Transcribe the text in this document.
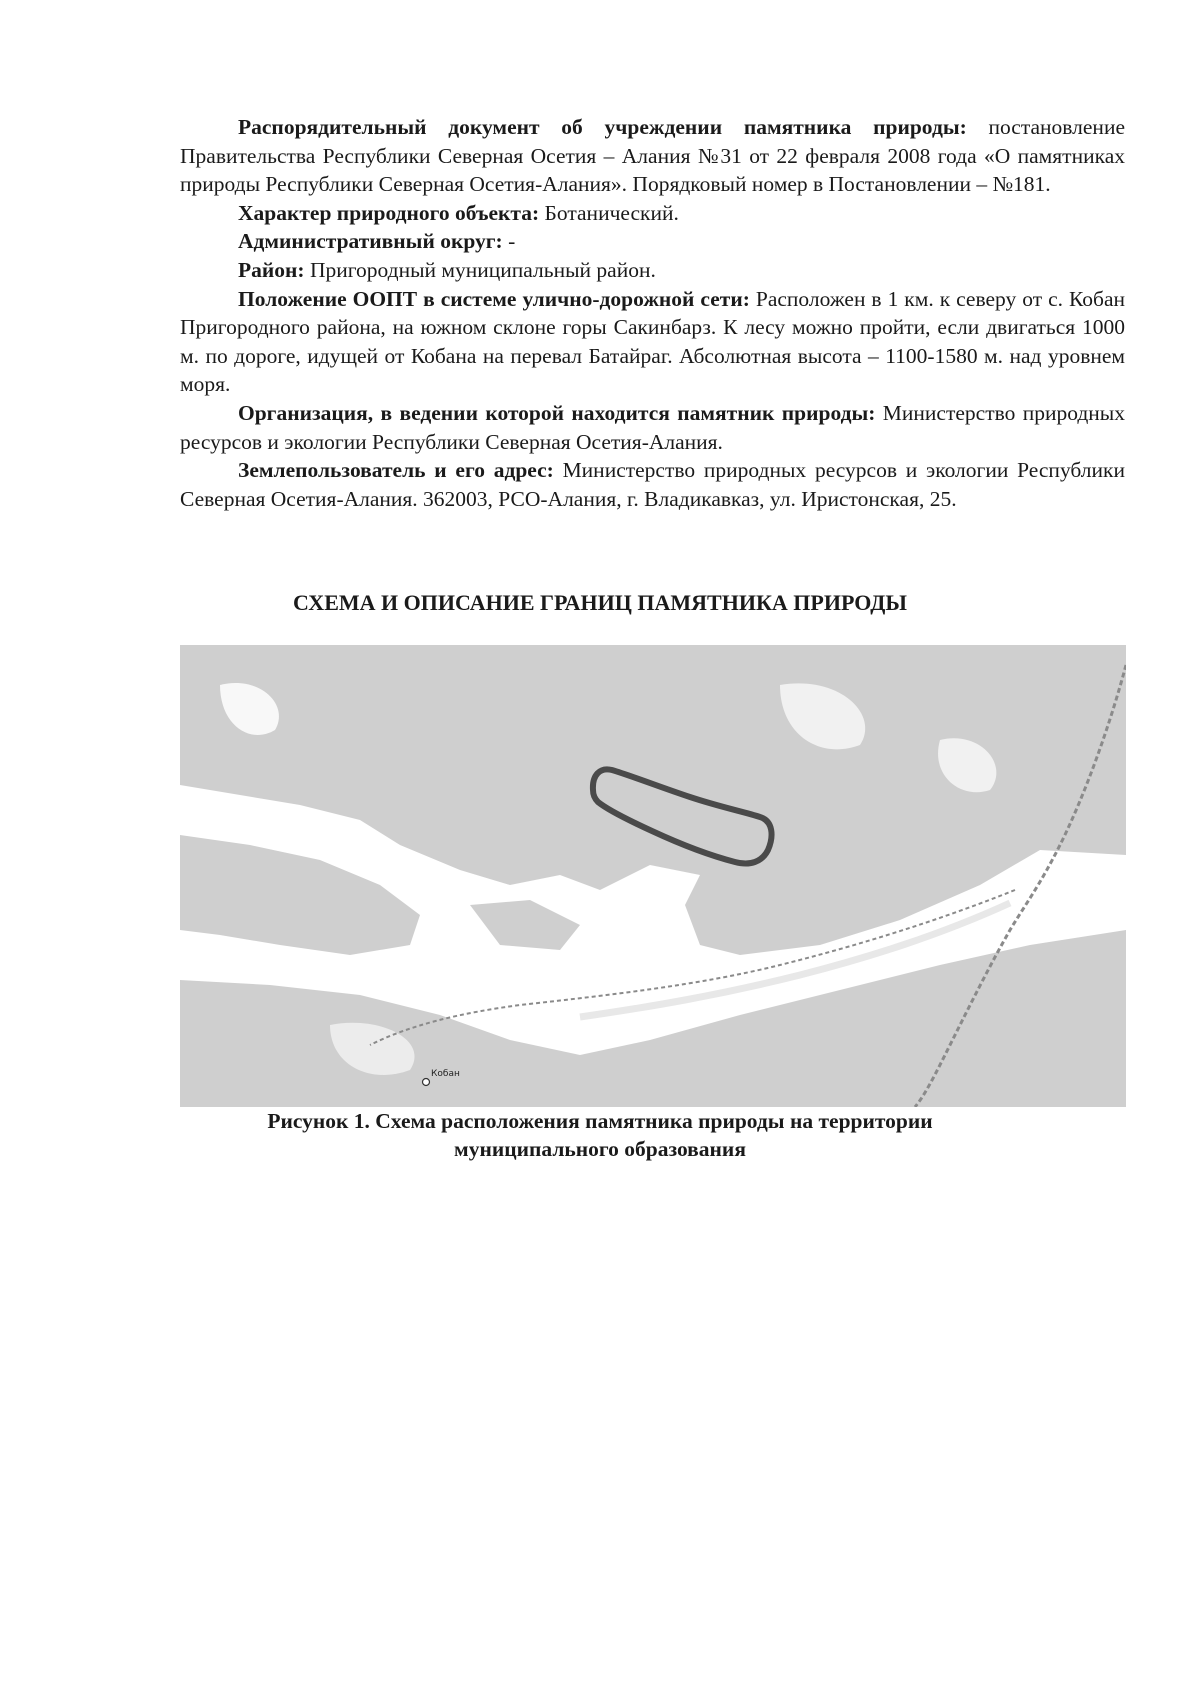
Распорядительный документ об учреждении памятника природы: постановление Правительства Республики Северная Осетия – Алания №31 от 22 февраля 2008 года «О памятниках природы Республики Северная Осетия-Алания». Порядковый номер в Постановлении – №181.

Характер природного объекта: Ботанический.

Административный округ: -

Район: Пригородный муниципальный район.

Положение ООПТ в системе улично-дорожной сети: Расположен в 1 км. к северу от с. Кобан Пригородного района, на южном склоне горы Сакинбарз. К лесу можно пройти, если двигаться 1000 м. по дороге, идущей от Кобана на перевал Батайраг. Абсолютная высота – 1100-1580 м. над уровнем моря.

Организация, в ведении которой находится памятник природы: Министерство природных ресурсов и экологии Республики Северная Осетия-Алания.

Землепользователь и его адрес: Министерство природных ресурсов и экологии Республики Северная Осетия-Алания. 362003, РСО-Алания, г. Владикавказ, ул. Иристонская, 25.

СХЕМА И ОПИСАНИЕ ГРАНИЦ ПАМЯТНИКА ПРИРОДЫ
Кобан

Рисунок 1. Схема расположения памятника природы на территории
муниципального образования
